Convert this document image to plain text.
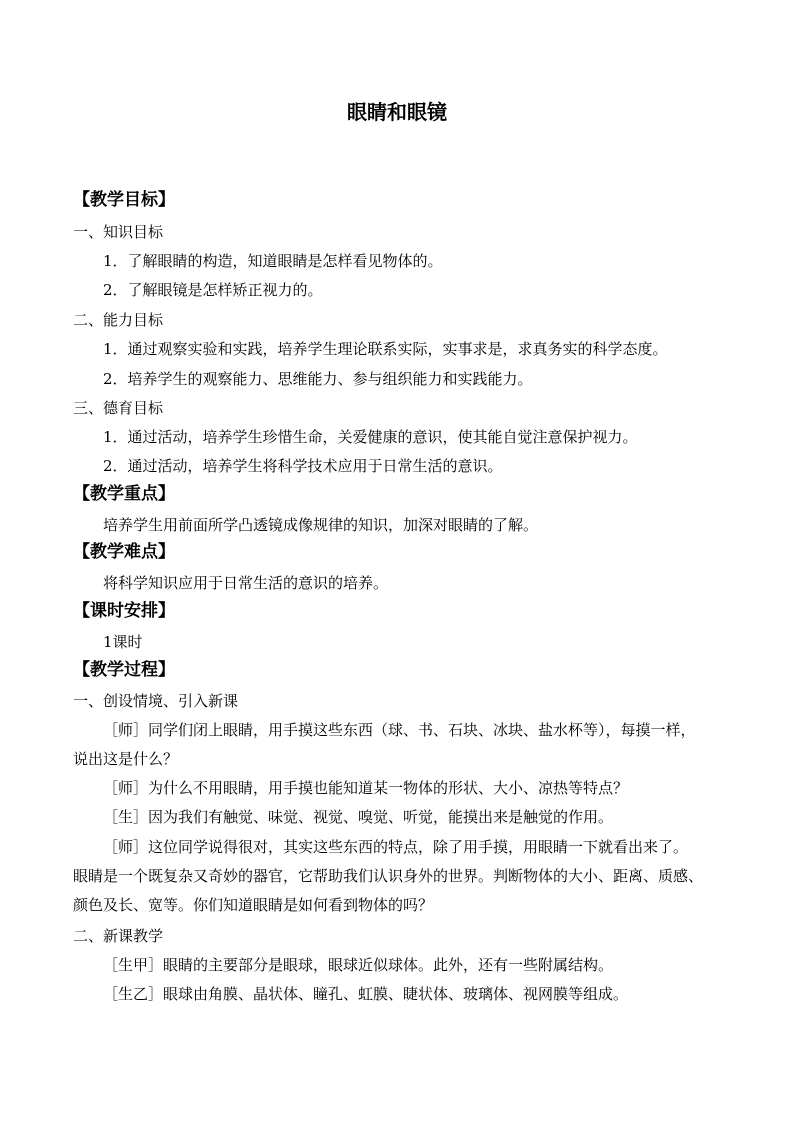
眼睛和眼镜
【教学目标】
一、知识目标
1．了解眼睛的构造，知道眼睛是怎样看见物体的。
2．了解眼镜是怎样矫正视力的。
二、能力目标
1．通过观察实验和实践，培养学生理论联系实际，实事求是，求真务实的科学态度。
2．培养学生的观察能力、思维能力、参与组织能力和实践能力。
三、德育目标
1．通过活动，培养学生珍惜生命，关爱健康的意识，使其能自觉注意保护视力。
2．通过活动，培养学生将科学技术应用于日常生活的意识。
【教学重点】
培养学生用前面所学凸透镜成像规律的知识，加深对眼睛的了解。
【教学难点】
将科学知识应用于日常生活的意识的培养。
【课时安排】
1课时
【教学过程】
一、创设情境、引入新课
［师］同学们闭上眼睛，用手摸这些东西（球、书、石块、冰块、盐水杯等），每摸一样，
说出这是什么？
［师］为什么不用眼睛，用手摸也能知道某一物体的形状、大小、凉热等特点？
［生］因为我们有触觉、味觉、视觉、嗅觉、听觉，能摸出来是触觉的作用。
［师］这位同学说得很对，其实这些东西的特点，除了用手摸，用眼睛一下就看出来了。
眼睛是一个既复杂又奇妙的器官，它帮助我们认识身外的世界。判断物体的大小、距离、质感、
颜色及长、宽等。你们知道眼睛是如何看到物体的吗？
二、新课教学
［生甲］眼睛的主要部分是眼球，眼球近似球体。此外，还有一些附属结构。
［生乙］眼球由角膜、晶状体、瞳孔、虹膜、睫状体、玻璃体、视网膜等组成。
